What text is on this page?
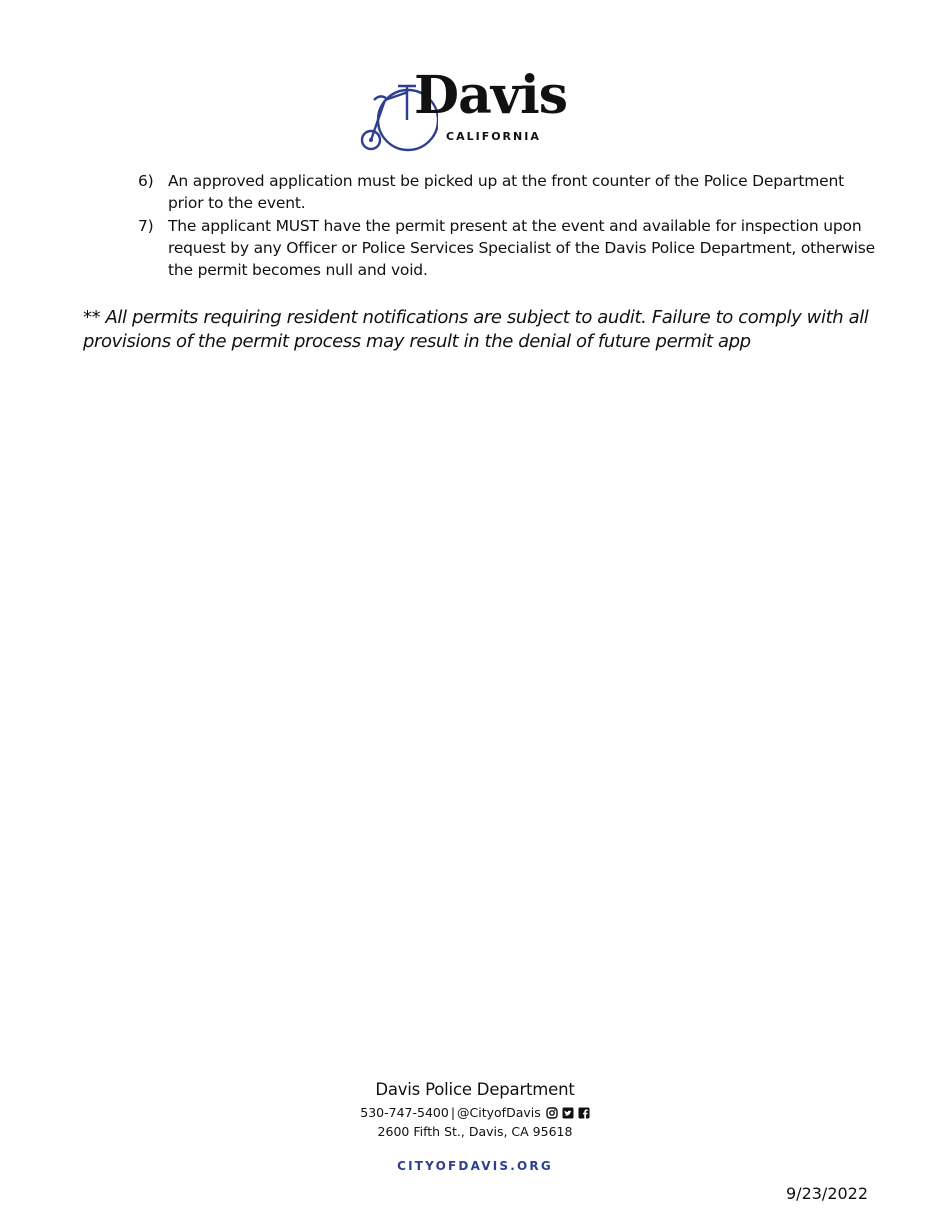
Davis
CALIFORNIA
6) An approved application must be picked up at the front counter of the Police Department prior to the event.
7) The applicant MUST have the permit present at the event and available for inspection upon request by any Officer or Police Services Specialist of the Davis Police Department, otherwise the permit becomes null and void.
** All permits requiring resident notifications are subject to audit. Failure to comply with all provisions of the permit process may result in the denial of future permit app
Davis Police Department
530-747-5400 | @CityofDavis
2600 Fifth St., Davis, CA 95618
CITYOFDAVIS.ORG
9/23/2022
